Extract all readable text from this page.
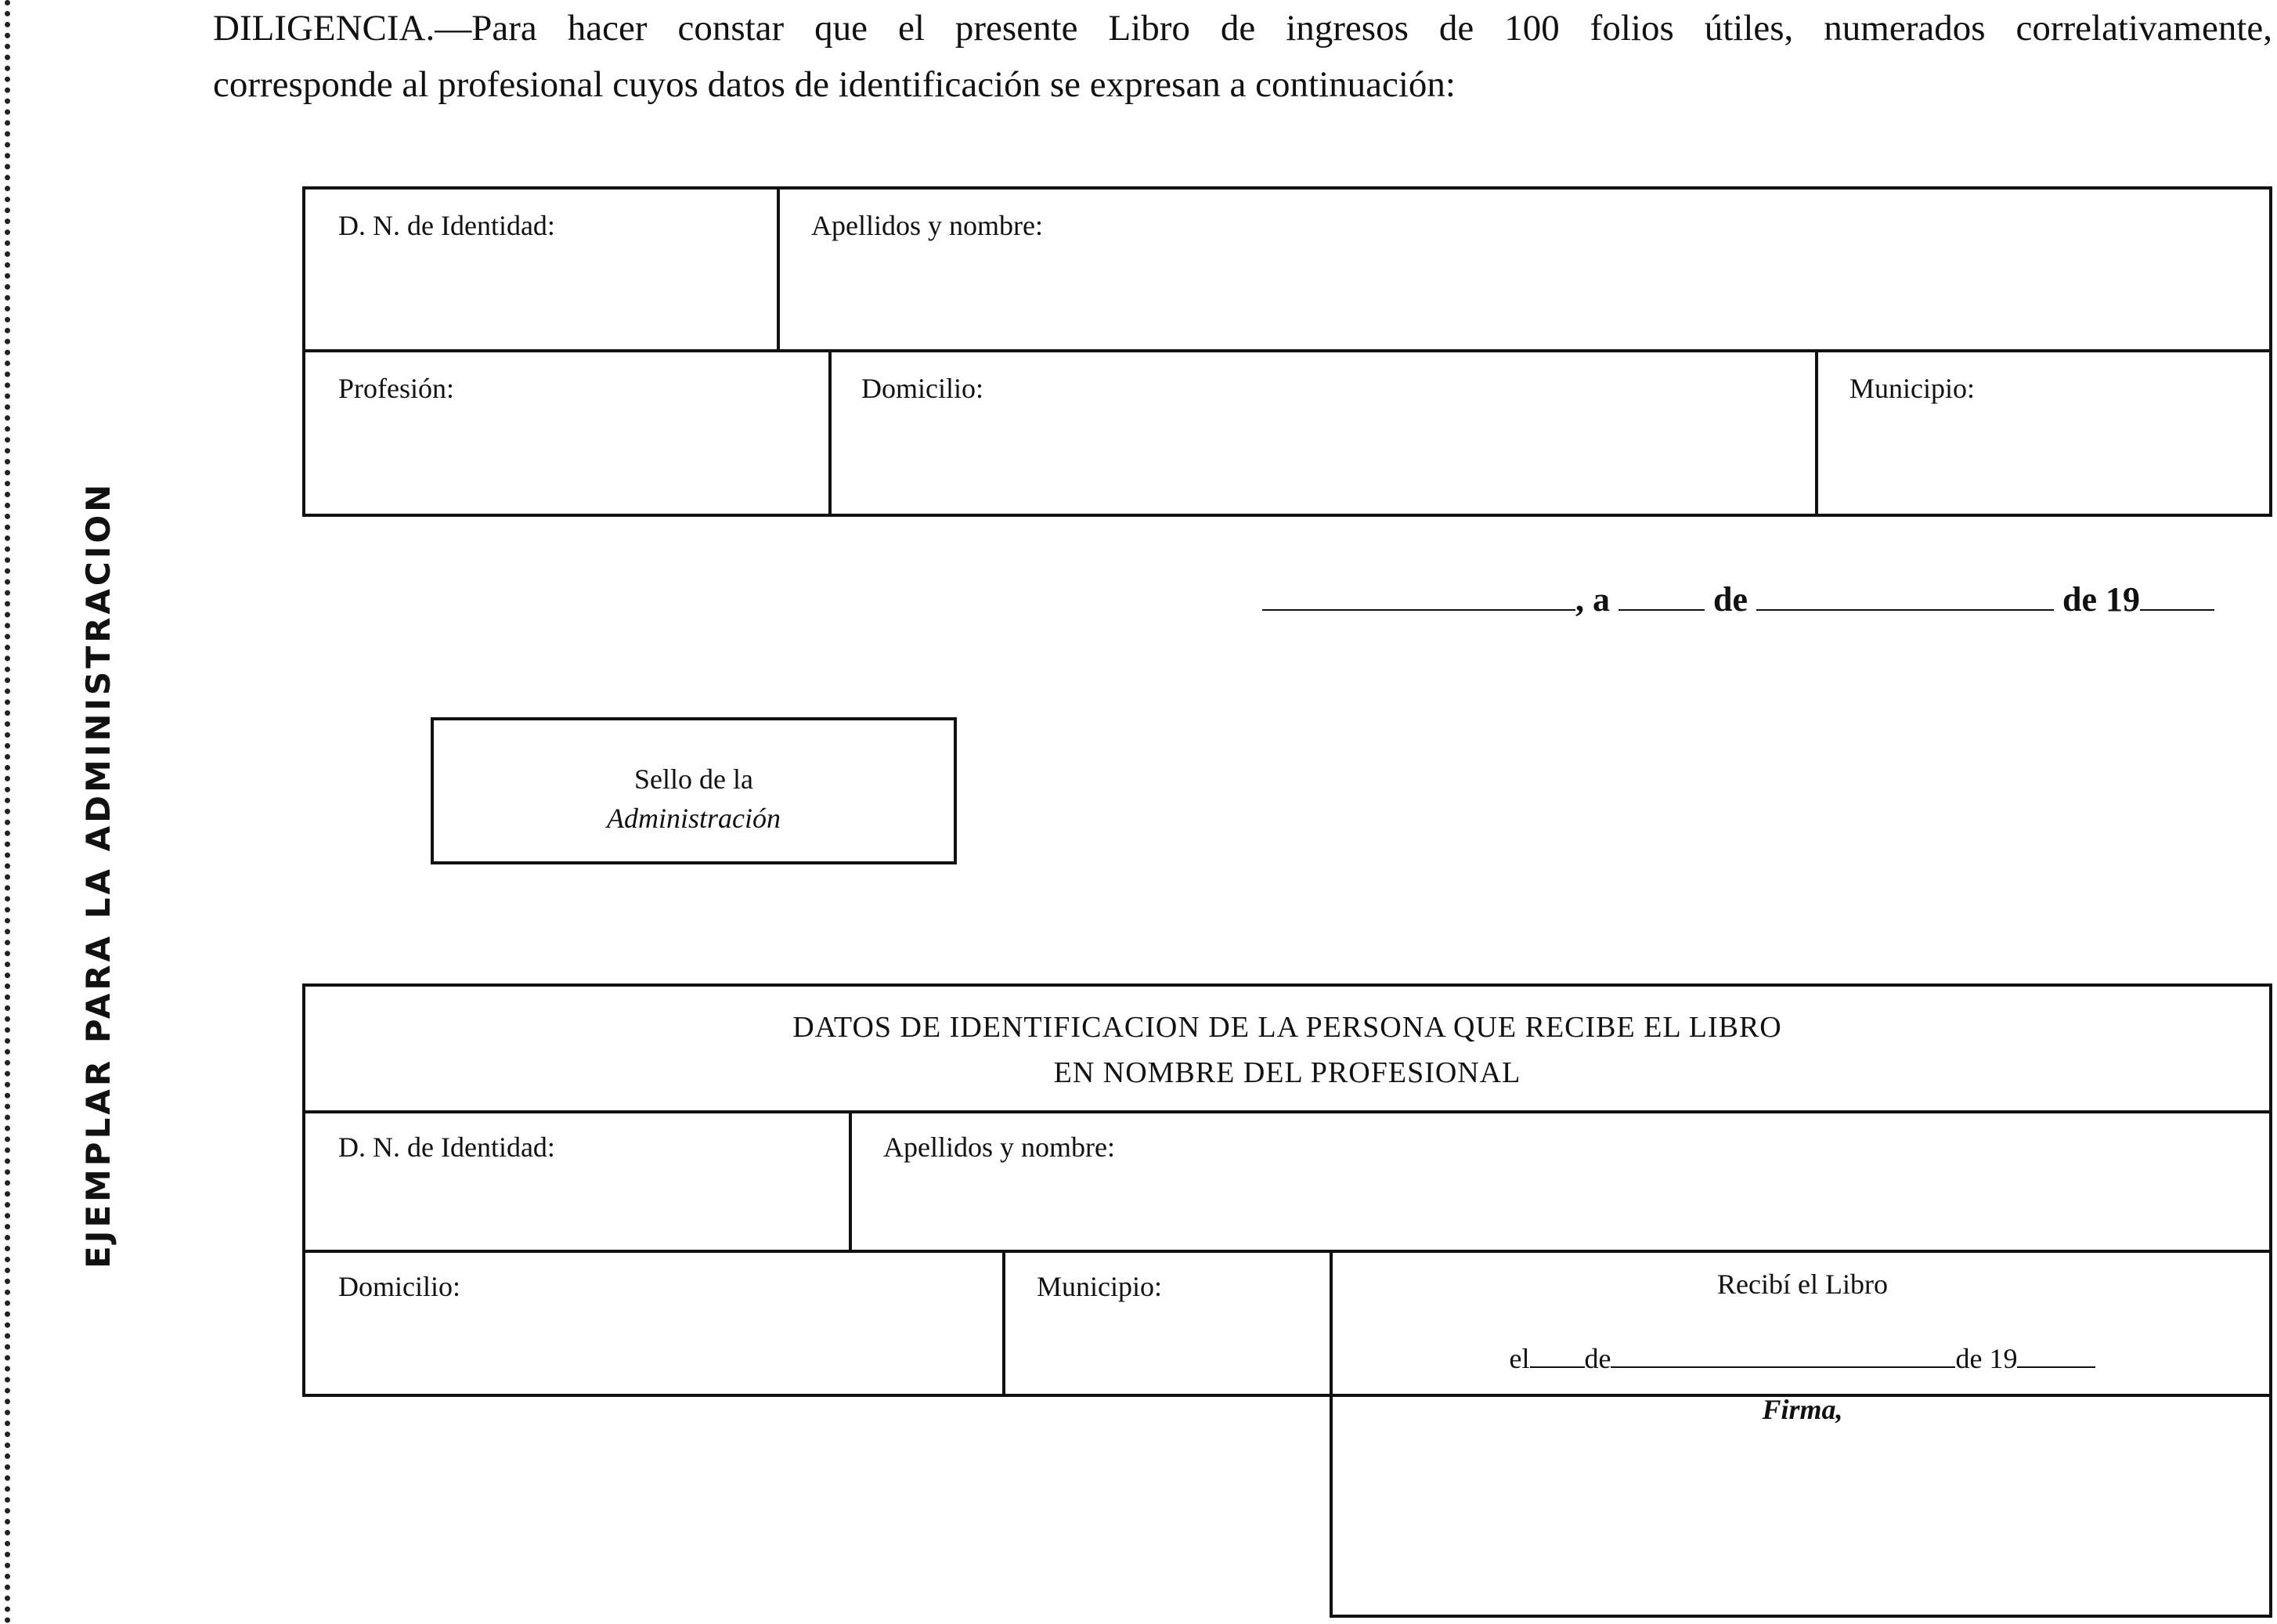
EJEMPLAR PARA LA ADMINISTRACION
DILIGENCIA.—Para hacer constar que el presente Libro de ingresos de 100 folios útiles, numerados correlativamente,
corresponde al profesional cuyos datos de identificación se expresan a continuación:
D. N. de Identidad:	Apellidos y nombre:
Profesión:	Domicilio:	Municipio:
, a	de	de 19
Sello de la
Administración
DATOS DE IDENTIFICACION DE LA PERSONA QUE RECIBE EL LIBRO
EN NOMBRE DEL PROFESIONAL
D. N. de Identidad:	Apellidos y nombre:
Domicilio:	Municipio:	Recibí el Libro
el de	de 19
Firma,
